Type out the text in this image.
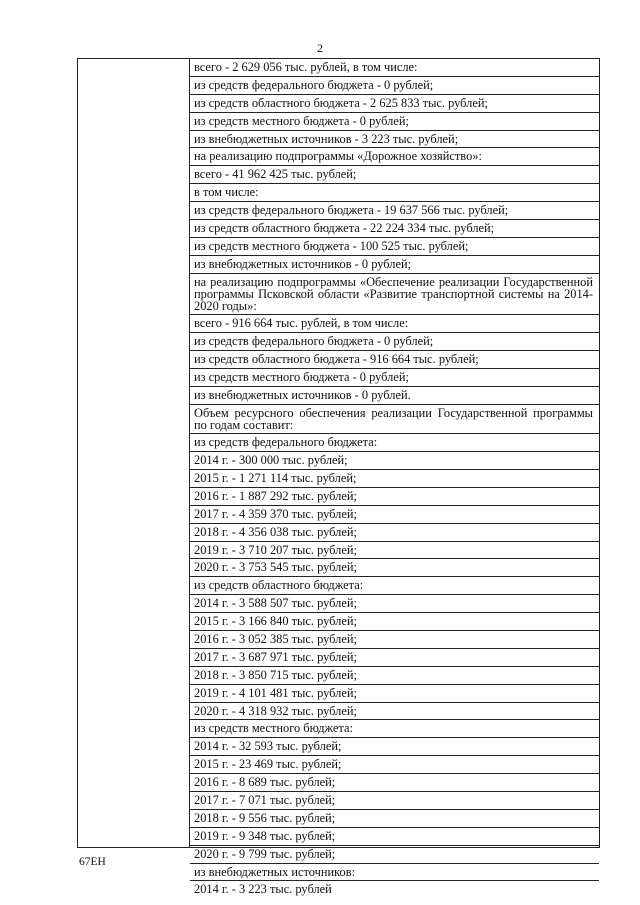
2
всего - 2 629 056 тыс. рублей, в том числе:
из средств федерального бюджета - 0 рублей;
из средств областного бюджета - 2 625 833 тыс. рублей;
из средств местного бюджета - 0 рублей;
из внебюджетных источников - 3 223 тыс. рублей;
на реализацию подпрограммы «Дорожное хозяйство»:
всего - 41 962 425 тыс. рублей;
в том числе:
из средств федерального бюджета - 19 637 566 тыс. рублей;
из средств областного бюджета - 22 224 334 тыс. рублей;
из средств местного бюджета - 100 525 тыс. рублей;
из внебюджетных источников - 0 рублей;
на реализацию подпрограммы «Обеспечение реализации Государственной программы Псковской области «Развитие транспортной системы на 2014-2020 годы»:
всего - 916 664 тыс. рублей, в том числе:
из средств федерального бюджета - 0 рублей;
из средств областного бюджета - 916 664 тыс. рублей;
из средств местного бюджета - 0 рублей;
из внебюджетных источников - 0 рублей.
Объем ресурсного обеспечения реализации Государственной программы по годам составит:
из средств федерального бюджета:
2014 г. - 300 000 тыс. рублей;
2015 г. - 1 271 114 тыс. рублей;
2016 г. - 1 887 292 тыс. рублей;
2017 г. - 4 359 370 тыс. рублей;
2018 г. - 4 356 038 тыс. рублей;
2019 г. - 3 710 207 тыс. рублей;
2020 г. - 3 753 545 тыс. рублей;
из средств областного бюджета:
2014 г. - 3 588 507 тыс. рублей;
2015 г. - 3 166 840 тыс. рублей;
2016 г. - 3 052 385 тыс. рублей;
2017 г. - 3 687 971 тыс. рублей;
2018 г. - 3 850 715 тыс. рублей;
2019 г. - 4 101 481 тыс. рублей;
2020 г. - 4 318 932 тыс. рублей;
из средств местного бюджета:
2014 г. - 32 593 тыс. рублей;
2015 г. - 23 469 тыс. рублей;
2016 г. - 8 689 тыс. рублей;
2017 г. - 7 071 тыс. рублей;
2018 г. - 9 556 тыс. рублей;
2019 г. - 9 348 тыс. рублей;
2020 г. - 9 799 тыс. рублей;
из внебюджетных источников:
2014 г. - 3 223 тыс. рублей
67ЕН
